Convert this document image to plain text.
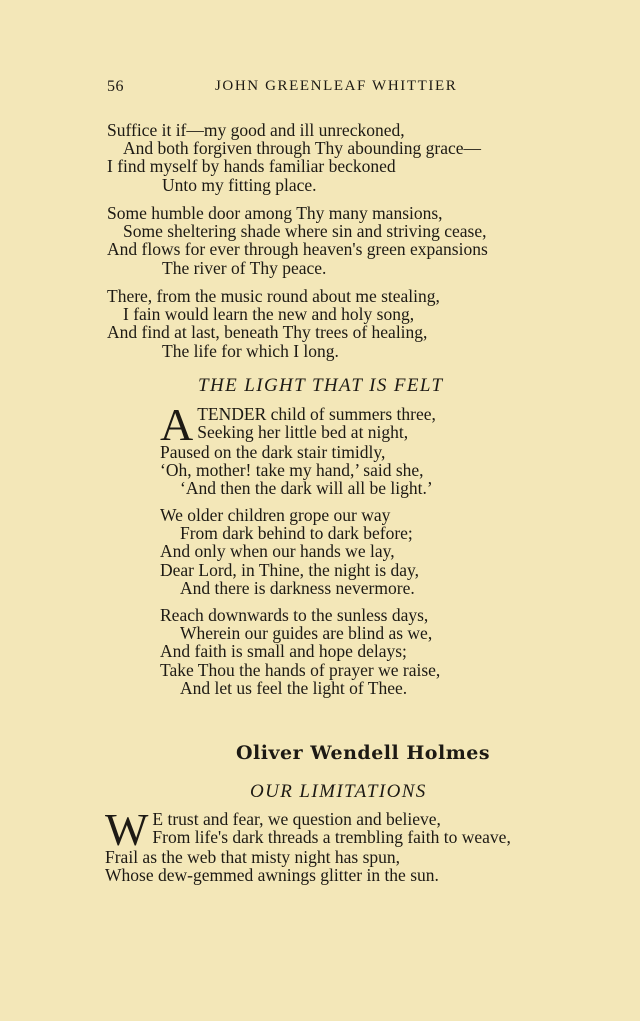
56	JOHN GREENLEAF WHITTIER
Suffice it if—my good and ill unreckoned,
And both forgiven through Thy abounding grace—
I find myself by hands familiar beckoned
Unto my fitting place.
Some humble door among Thy many mansions,
Some sheltering shade where sin and striving cease,
And flows for ever through heaven's green expansions
The river of Thy peace.
There, from the music round about me stealing,
I fain would learn the new and holy song,
And find at last, beneath Thy trees of healing,
The life for which I long.
THE LIGHT THAT IS FELT
A TENDER child of summers three,
Seeking her little bed at night,
Paused on the dark stair timidly,
‘Oh, mother! take my hand,’ said she,
‘And then the dark will all be light.’
We older children grope our way
From dark behind to dark before;
And only when our hands we lay,
Dear Lord, in Thine, the night is day,
And there is darkness nevermore.
Reach downwards to the sunless days,
Wherein our guides are blind as we,
And faith is small and hope delays;
Take Thou the hands of prayer we raise,
And let us feel the light of Thee.
Oliver Wendell Holmes
OUR LIMITATIONS
W E trust and fear, we question and believe,
From life's dark threads a trembling faith to weave,
Frail as the web that misty night has spun,
Whose dew-gemmed awnings glitter in the sun.
